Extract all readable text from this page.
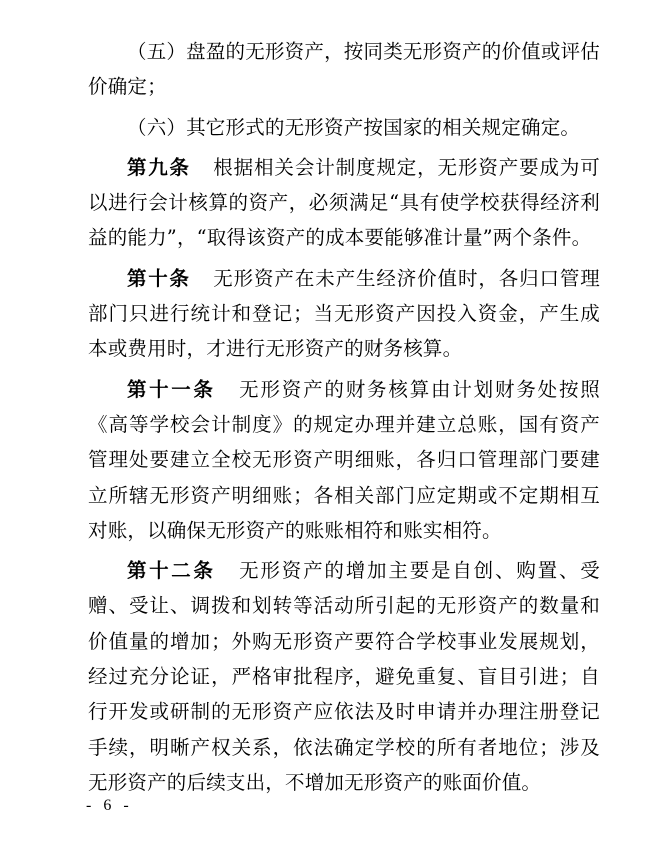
（五）盘盈的无形资产，按同类无形资产的价值或评估价确定；

（六）其它形式的无形资产按国家的相关规定确定。

第九条 根据相关会计制度规定，无形资产要成为可以进行会计核算的资产，必须满足“具有使学校获得经济利益的能力”，“取得该资产的成本要能够准计量”两个条件。

第十条 无形资产在未产生经济价值时，各归口管理部门只进行统计和登记；当无形资产因投入资金，产生成本或费用时，才进行无形资产的财务核算。

第十一条 无形资产的财务核算由计划财务处按照《高等学校会计制度》的规定办理并建立总账，国有资产管理处要建立全校无形资产明细账，各归口管理部门要建立所辖无形资产明细账；各相关部门应定期或不定期相互对账，以确保无形资产的账账相符和账实相符。

第十二条 无形资产的增加主要是自创、购置、受赠、受让、调拨和划转等活动所引起的无形资产的数量和价值量的增加；外购无形资产要符合学校事业发展规划，经过充分论证，严格审批程序，避免重复、盲目引进；自行开发或研制的无形资产应依法及时申请并办理注册登记手续，明晰产权关系，依法确定学校的所有者地位；涉及无形资产的后续支出，不增加无形资产的账面价值。

- 6 -
